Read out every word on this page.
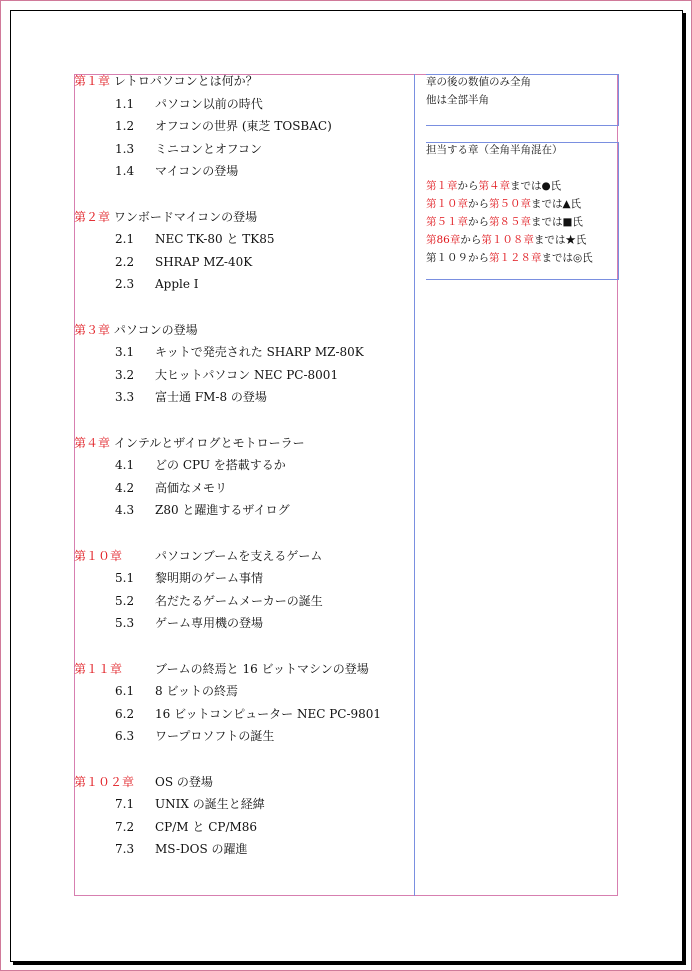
章の後の数値のみ全角
他は全部半角
担当する章（全角半角混在）
第１章から第４章までは●氏
第１０章から第５０章までは▲氏
第５１章から第８５章までは■氏
第86章から第１０８章までは★氏
第１０９から第１２８章までは◎氏
第１章 レトロパソコンとは何か？
1.1 パソコン以前の時代
1.2 オフコンの世界 (東芝 TOSBAC)
1.3 ミニコンとオフコン
1.4 マイコンの登場
第２章 ワンボードマイコンの登場
2.1 NEC TK-80 と TK85
2.2 SHRAP MZ-40K
2.3 Apple I
第３章 パソコンの登場
3.1 キットで発売された SHARP MZ-80K
3.2 大ヒットパソコン NEC PC-8001
3.3 富士通 FM-8 の登場
第４章 インテルとザイログとモトローラー
4.1 どの CPU を搭載するか
4.2 高価なメモリ
4.3 Z80 と躍進するザイログ
第１０章	パソコンブームを支えるゲーム
5.1 黎明期のゲーム事情
5.2 名だたるゲームメーカーの誕生
5.3 ゲーム専用機の登場
第１１章	ブームの終焉と 16 ビットマシンの登場
6.1 8 ビットの終焉
6.2 16 ビットコンピューター NEC PC-9801
6.3 ワープロソフトの誕生
第１０２章 OS の登場
7.1 UNIX の誕生と経緯
7.2 CP/M と CP/M86
7.3 MS-DOS の躍進
